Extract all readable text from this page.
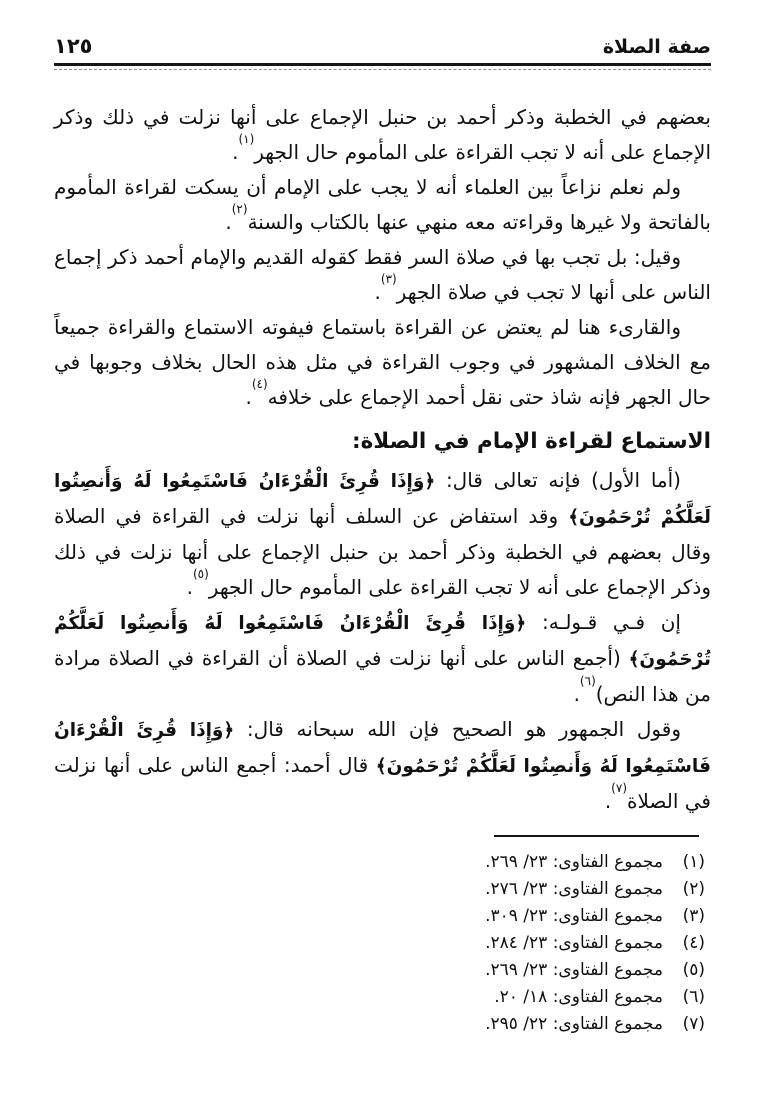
صفة الصلاة
١٢٥

بعضهم في الخطبة وذكر أحمد بن حنبل الإجماع على أنها نزلت في ذلك وذكر الإجماع على أنه لا تجب القراءة على المأموم حال الجهر$^{(١)}$.

ولم نعلم نزاعاً بين العلماء أنه لا يجب على الإمام أن يسكت لقراءة المأموم بالفاتحة ولا غيرها وقراءته معه منهي عنها بالكتاب والسنة$^{(٢)}$.

وقيل: بل تجب بها في صلاة السر فقط كقوله القديم والإمام أحمد ذكر إجماع الناس على أنها لا تجب في صلاة الجهر$^{(٣)}$.

والقارىء هنا لم يعتض عن القراءة باستماع فيفوته الاستماع والقراءة جميعاً مع الخلاف المشهور في وجوب القراءة في مثل هذه الحال بخلاف وجوبها في حال الجهر فإنه شاذ حتى نقل أحمد الإجماع على خلافه$^{(٤)}$.

الاستماع لقراءة الإمام في الصلاة:

(أما الأول) فإنه تعالى قال: ﴿وَإِذَا قُرِئَ الْقُرْءَانُ فَاسْتَمِعُوا لَهُ وَأَنصِتُوا لَعَلَّكُمْ تُرْحَمُونَ﴾ وقد استفاض عن السلف أنها نزلت في القراءة في الصلاة وقال بعضهم في الخطبة وذكر أحمد بن حنبل الإجماع على أنها نزلت في ذلك وذكر الإجماع على أنه لا تجب القراءة على المأموم حال الجهر$^{(٥)}$.

إن فـي قـولـه: ﴿وَإِذَا قُرِئَ الْقُرْءَانُ فَاسْتَمِعُوا لَهُ وَأَنصِتُوا لَعَلَّكُمْ تُرْحَمُونَ﴾ (أجمع الناس على أنها نزلت في الصلاة أن القراءة في الصلاة مرادة من هذا النص)$^{(٦)}$.

وقول الجمهور هو الصحيح فإن الله سبحانه قال: ﴿وَإِذَا قُرِئَ الْقُرْءَانُ فَاسْتَمِعُوا لَهُ وَأَنصِتُوا لَعَلَّكُمْ تُرْحَمُونَ﴾ قال أحمد: أجمع الناس على أنها نزلت في الصلاة$^{(٧)}$.

(١)
مجموع الفتاوى: ٢٣/ ٢٦٩.
(٢)
مجموع الفتاوى: ٢٣/ ٢٧٦.
(٣)
مجموع الفتاوى: ٢٣/ ٣٠٩.
(٤)
مجموع الفتاوى: ٢٣/ ٢٨٤.
(٥)
مجموع الفتاوى: ٢٣/ ٢٦٩.
(٦)
مجموع الفتاوى: ١٨/ ٢٠.
(٧)
مجموع الفتاوى: ٢٢/ ٢٩٥.
